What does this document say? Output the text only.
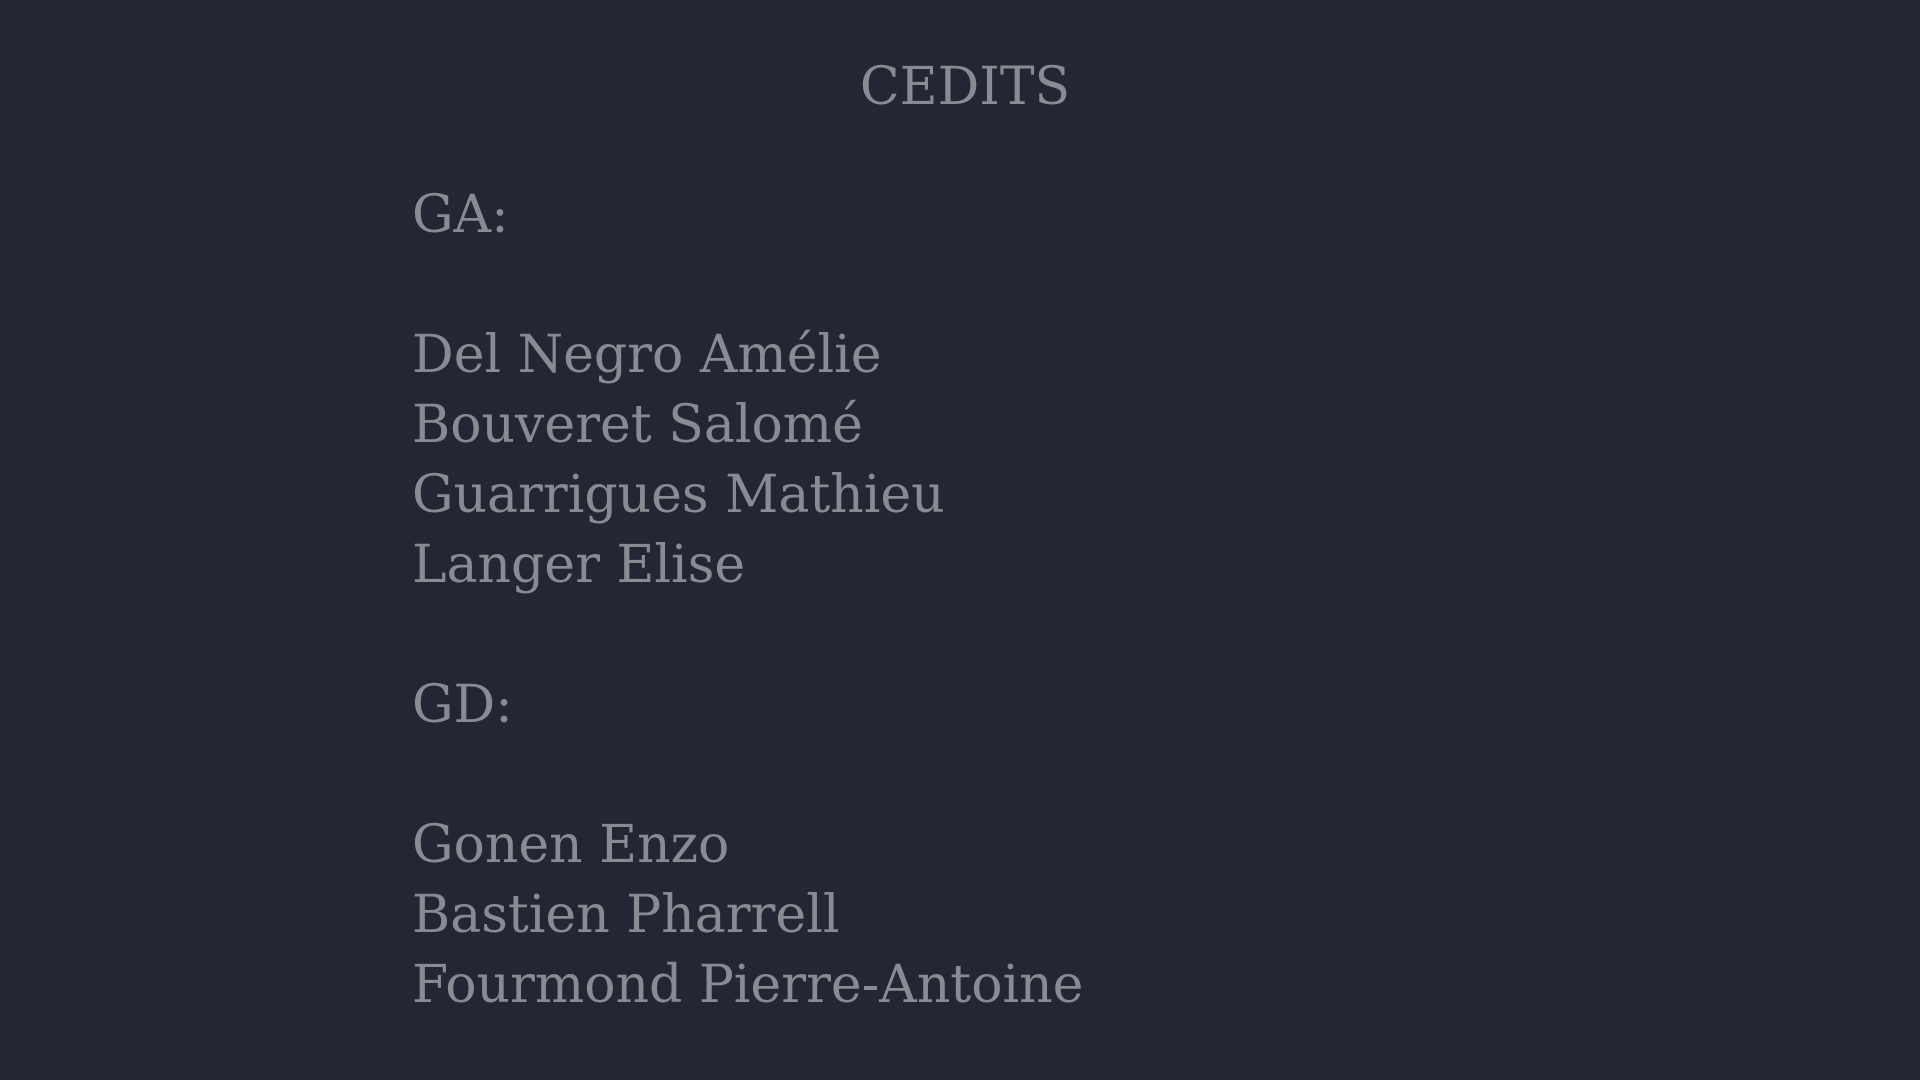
CEDITS
GA:
Del Negro Amélie
Bouveret Salomé
Guarrigues Mathieu
Langer Elise
GD:
Gonen Enzo
Bastien Pharrell
Fourmond Pierre-Antoine
